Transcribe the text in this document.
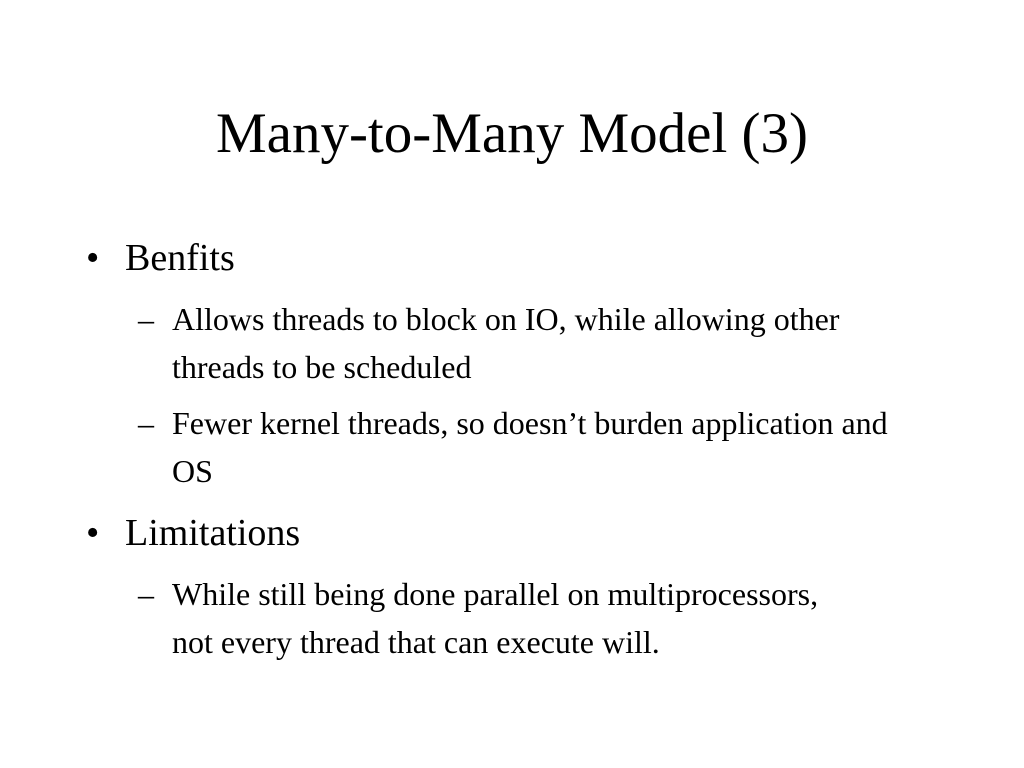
Many-to-Many Model (3)
• Benfits
– Allows threads to block on IO, while allowing other threads to be scheduled
– Fewer kernel threads, so doesn’t burden application and OS
• Limitations
– While still being done parallel on multiprocessors, not every thread that can execute will.
